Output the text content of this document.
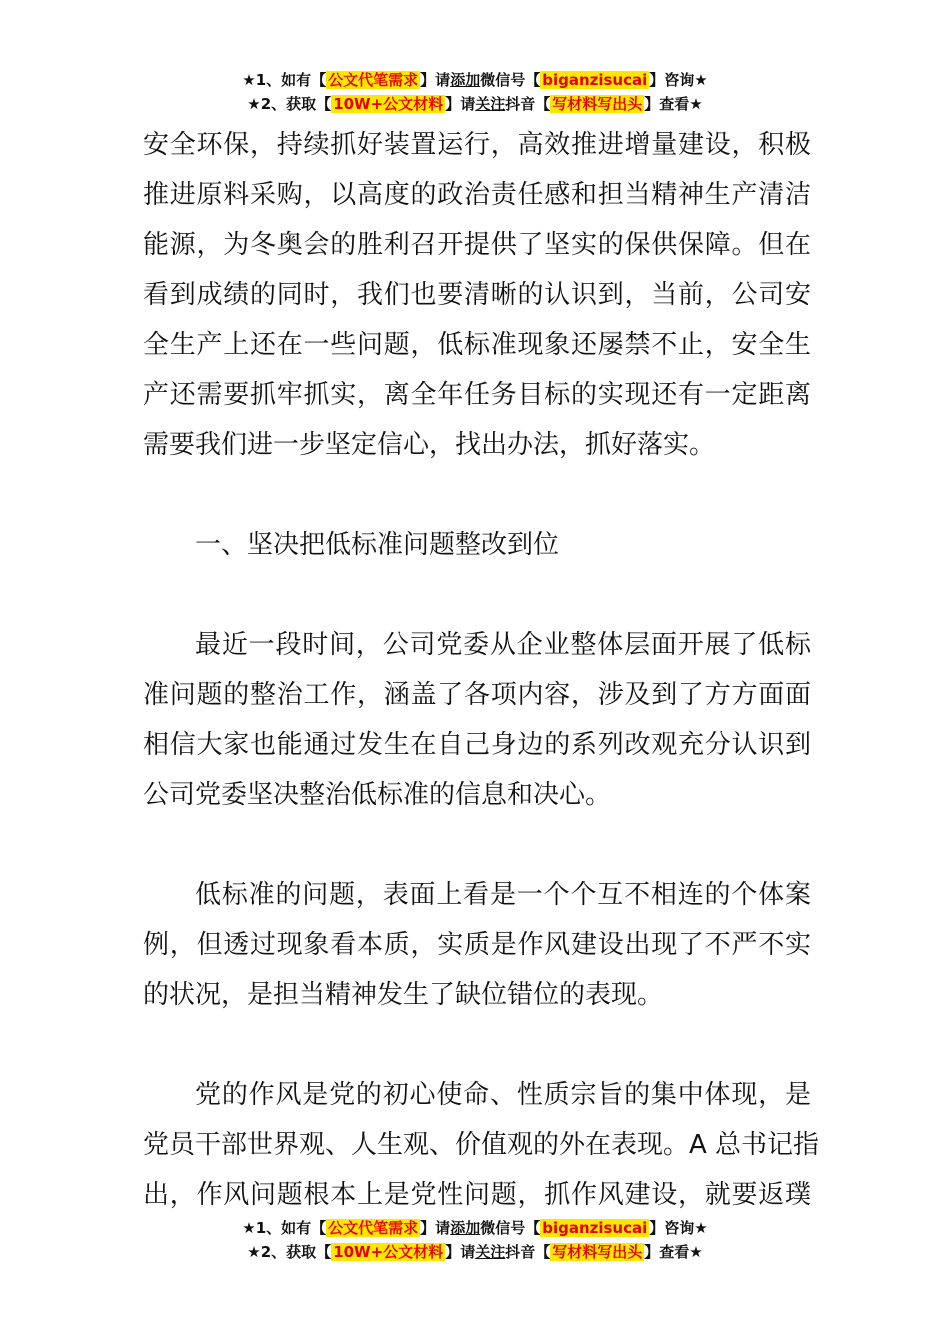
★1、如有【 公文代笔需求 】请添加微信号【 biganzisucai 】咨询★
★2、获取【 10W+公文材料 】请关注抖音【 写材料写出头 】查看★
安全环保，持续抓好装置运行，高效推进增量建设，积极
推进原料采购，以高度的政治责任感和担当精神生产清洁
能源，为冬奥会的胜利召开提供了坚实的保供保障。但在
看到成绩的同时，我们也要清晰的认识到，当前，公司安
全生产上还在一些问题，低标准现象还屡禁不止，安全生
产还需要抓牢抓实，离全年任务目标的实现还有一定距离
需要我们进一步坚定信心，找出办法，抓好落实。
一、坚决把低标准问题整改到位
最近一段时间，公司党委从企业整体层面开展了低标
准问题的整治工作，涵盖了各项内容，涉及到了方方面面
相信大家也能通过发生在自己身边的系列改观充分认识到
公司党委坚决整治低标准的信息和决心。
低标准的问题，表面上看是一个个互不相连的个体案
例，但透过现象看本质，实质是作风建设出现了不严不实
的状况，是担当精神发生了缺位错位的表现。
党的作风是党的初心使命、性质宗旨的集中体现，是
党员干部世界观、人生观、价值观的外在表现。A 总书记指
出，作风问题根本上是党性问题，抓作风建设，就要返璞
★1、如有【 公文代笔需求 】请添加微信号【 biganzisucai 】咨询★
★2、获取【 10W+公文材料 】请关注抖音【 写材料写出头 】查看★
